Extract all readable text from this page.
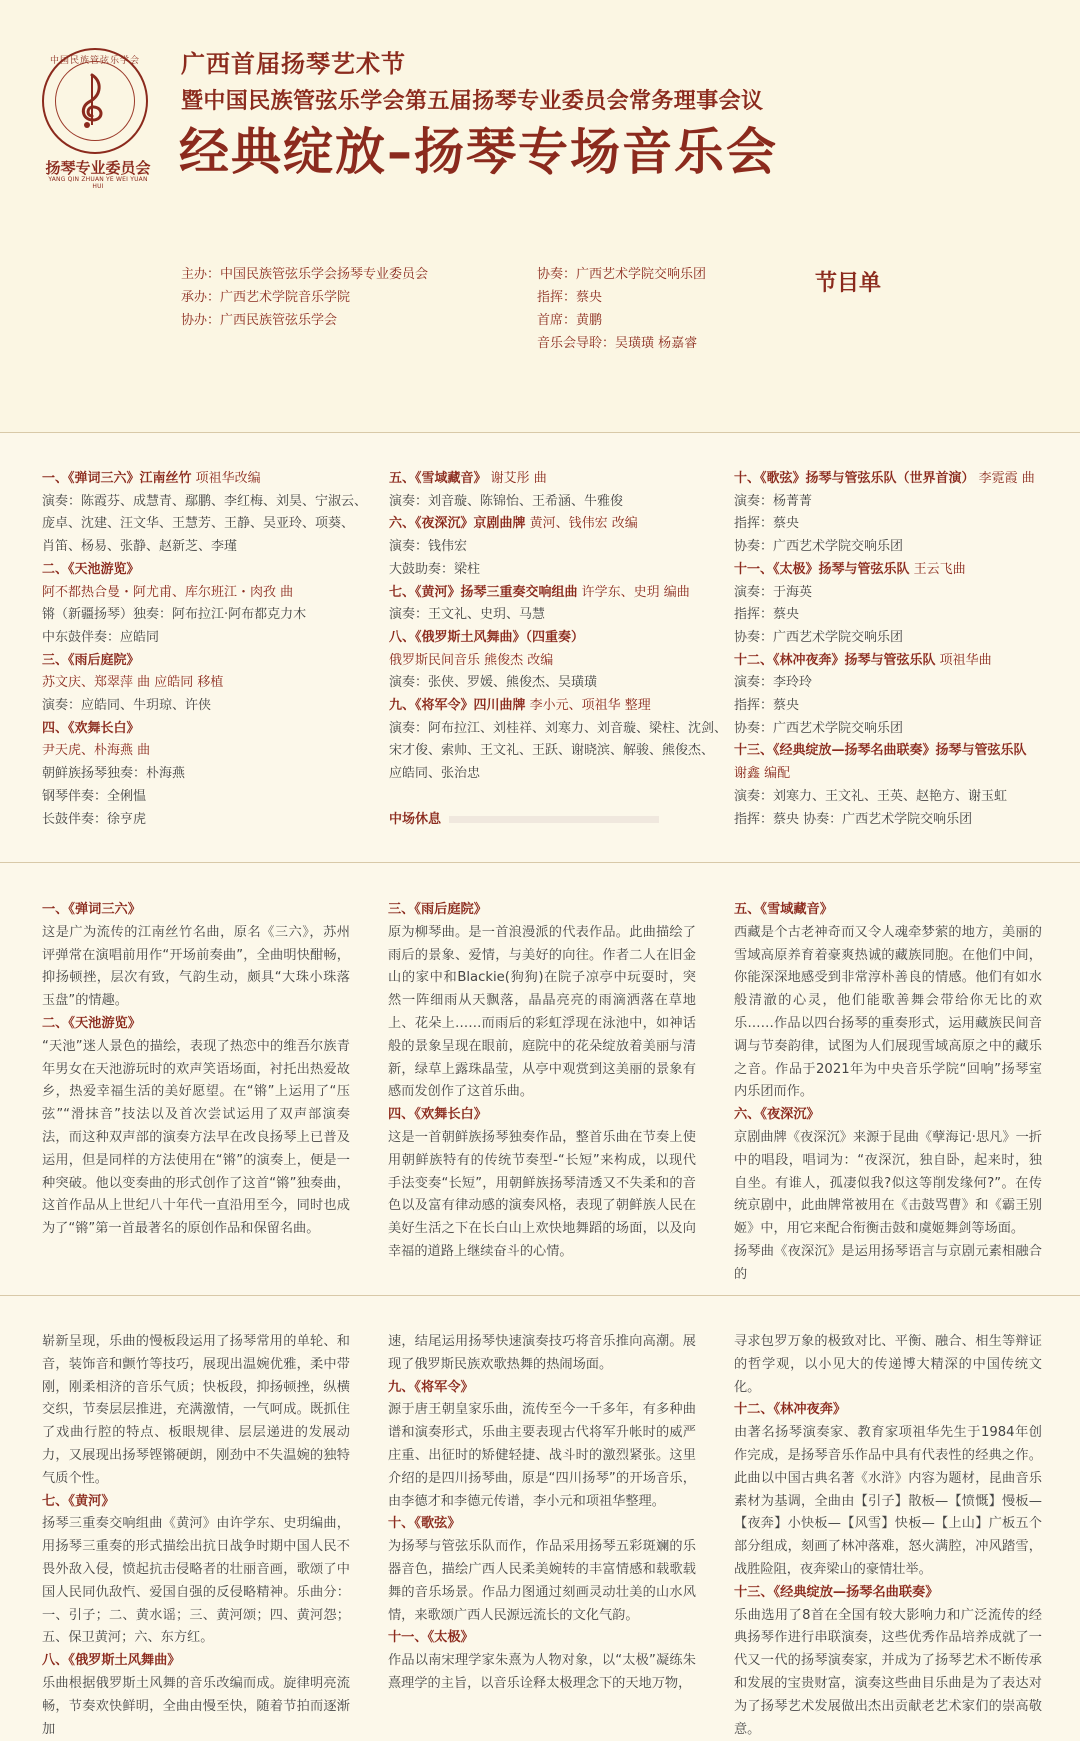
中国民族管弦乐学会
扬琴专业委员会
YANG QIN ZHUAN YE WEI YUAN HUI
广西首届扬琴艺术节
暨中国民族管弦乐学会第五届扬琴专业委员会常务理事会议
经典绽放–扬琴专场音乐会
主办：中国民族管弦乐学会扬琴专业委员会
承办：广西艺术学院音乐学院
协办：广西民族管弦乐学会
协奏：广西艺术学院交响乐团
指挥：蔡央
首席：黄鹏
音乐会导聆：吴璜璜 杨嘉睿
节目单

一、《弹词三六》江南丝竹 项祖华改编

演奏：陈霞芬、成慧青、鄢鹏、李红梅、刘昊、宁淑云、

庞卓、沈建、汪文华、王慧芳、王静、吴亚玲、项葵、

肖笛、杨易、张静、赵新芝、李瑾

二、《天池游览》

阿不都热合曼・阿尤甫、库尔班江・肉孜 曲

锵（新疆扬琴）独奏：阿布拉江·阿布都克力木

中东鼓伴奏：应皓同

三、《雨后庭院》

苏文庆、郑翠萍 曲 应皓同 移植

演奏：应皓同、牛玥琼、许侠

四、《欢舞长白》

尹天虎、朴海燕 曲

朝鲜族扬琴独奏：朴海燕

钢琴伴奏：全俐愠

长鼓伴奏：徐亨虎

五、《雪域藏音》 谢艾彤 曲

演奏：刘音璇、陈锦怡、王希涵、牛雅俊

六、《夜深沉》京剧曲牌 黄河、钱伟宏 改编

演奏：钱伟宏

大鼓助奏：梁柱

七、《黄河》扬琴三重奏交响组曲 许学东、史玥 编曲

演奏：王文礼、史玥、马慧

八、《俄罗斯土风舞曲》（四重奏）

俄罗斯民间音乐 熊俊杰 改编

演奏：张侠、罗媛、熊俊杰、吴璜璜

九、《将军令》四川曲牌 李小元、项祖华 整理

演奏：阿布拉江、刘桂祥、刘寒力、刘音璇、梁柱、沈剑、

宋才俊、索帅、王文礼、王跃、谢晓滨、解骏、熊俊杰、

应皓同、张治忠

中场休息

十、《歌弦》扬琴与管弦乐队（世界首演） 李霓霞 曲

演奏：杨菁菁

指挥：蔡央

协奏：广西艺术学院交响乐团

十一、《太极》扬琴与管弦乐队 王云飞曲

演奏：于海英

指挥：蔡央

协奏：广西艺术学院交响乐团

十二、《林冲夜奔》扬琴与管弦乐队 项祖华曲

演奏：李玲玲

指挥：蔡央

协奏：广西艺术学院交响乐团

十三、《经典绽放—扬琴名曲联奏》扬琴与管弦乐队

谢鑫 编配

演奏：刘寒力、王文礼、王英、赵艳方、谢玉虹

指挥：蔡央 协奏：广西艺术学院交响乐团

一、《弹词三六》

这是广为流传的江南丝竹名曲，原名《三六》，苏州评弹常在演唱前用作“开场前奏曲”，全曲明快酣畅，抑扬顿挫，层次有致，气韵生动，颇具“大珠小珠落玉盘”的情趣。

二、《天池游览》

“天池”迷人景色的描绘，表现了热恋中的维吾尔族青年男女在天池游玩时的欢声笑语场面，衬托出热爱故乡，热爱幸福生活的美好愿望。在“锵”上运用了“压弦”“滑抹音”技法以及首次尝试运用了双声部演奏法，而这种双声部的演奏方法早在改良扬琴上已普及运用，但是同样的方法使用在“锵”的演奏上，便是一种突破。他以变奏曲的形式创作了这首“锵”独奏曲，这首作品从上世纪八十年代一直沿用至今，同时也成为了“锵”第一首最著名的原创作品和保留名曲。

三、《雨后庭院》

原为柳琴曲。是一首浪漫派的代表作品。此曲描绘了雨后的景象、爱情，与美好的向往。作者二人在旧金山的家中和Blackie(狗狗)在院子凉亭中玩耍时，突然一阵细雨从天飘落，晶晶亮亮的雨滴洒落在草地上、花朵上……而雨后的彩虹浮现在泳池中，如神话般的景象呈现在眼前，庭院中的花朵绽放着美丽与清新，绿草上露珠晶莹，从亭中观赏到这美丽的景象有感而发创作了这首乐曲。

四、《欢舞长白》

这是一首朝鲜族扬琴独奏作品，整首乐曲在节奏上使用朝鲜族特有的传统节奏型-“长短”来构成，以现代手法变奏“长短”，用朝鲜族扬琴清透又不失柔和的音色以及富有律动感的演奏风格，表现了朝鲜族人民在美好生活之下在长白山上欢快地舞蹈的场面，以及向幸福的道路上继续奋斗的心情。

五、《雪域藏音》

西藏是个古老神奇而又令人魂牵梦萦的地方，美丽的雪域高原养育着豪爽热诚的藏族同胞。在他们中间，你能深深地感受到非常淳朴善良的情感。他们有如水般清澈的心灵，他们能歌善舞会带给你无比的欢乐……作品以四台扬琴的重奏形式，运用藏族民间音调与节奏韵律，试图为人们展现雪域高原之中的藏乐之音。作品于2021年为中央音乐学院“回响”扬琴室内乐团而作。

六、《夜深沉》

京剧曲牌《夜深沉》来源于昆曲《孽海记·思凡》一折中的唱段，唱词为：“夜深沉，独自卧，起来时，独自坐。有谁人，孤凄似我?似这等削发缘何?”。在传统京剧中，此曲牌常被用在《击鼓骂曹》和《霸王别姬》中，用它来配合衔衡击鼓和虞姬舞剑等场面。

扬琴曲《夜深沉》是运用扬琴语言与京剧元素相融合的

崭新呈现，乐曲的慢板段运用了扬琴常用的单轮、和音，装饰音和颤竹等技巧，展现出温婉优雅，柔中带刚，刚柔相济的音乐气质；快板段，抑扬顿挫，纵横交织，节奏层层推进，充满激情，一气呵成。既抓住了戏曲行腔的特点、板眼规律、层层递进的发展动力，又展现出扬琴铿锵硬朗，刚劲中不失温婉的独特气质个性。

七、《黄河》

扬琴三重奏交响组曲《黄河》由许学东、史玥编曲，用扬琴三重奏的形式描绘出抗日战争时期中国人民不畏外敌入侵，愤起抗击侵略者的壮丽音画，歌颂了中国人民同仇敌忾、爱国自强的反侵略精神。乐曲分：一、引子；二、黄水谣；三、黄河颂；四、黄河怨；五、保卫黄河；六、东方红。

八、《俄罗斯土风舞曲》

乐曲根据俄罗斯土风舞的音乐改编而成。旋律明亮流畅，节奏欢快鲜明，全曲由慢至快，随着节拍而逐渐加

速，结尾运用扬琴快速演奏技巧将音乐推向高潮。展现了俄罗斯民族欢歌热舞的热闹场面。

九、《将军令》

源于唐王朝皇家乐曲，流传至今一千多年，有多种曲谱和演奏形式，乐曲主要表现古代将军升帐时的威严庄重、出征时的矫健轻捷、战斗时的激烈紧张。这里介绍的是四川扬琴曲，原是“四川扬琴”的开场音乐，由李德才和李德元传谱，李小元和项祖华整理。

十、《歌弦》

为扬琴与管弦乐队而作，作品采用扬琴五彩斑斓的乐器音色，描绘广西人民柔美婉转的丰富情感和载歌载舞的音乐场景。作品力图通过刻画灵动壮美的山水风情，来歌颂广西人民源远流长的文化气韵。

十一、《太极》

作品以南宋理学家朱熹为人物对象，以“太极”凝练朱熹理学的主旨，以音乐诠释太极理念下的天地万物，

寻求包罗万象的极致对比、平衡、融合、相生等辩证的哲学观，以小见大的传递博大精深的中国传统文化。

十二、《林冲夜奔》

由著名扬琴演奏家、教育家项祖华先生于1984年创作完成，是扬琴音乐作品中具有代表性的经典之作。此曲以中国古典名著《水浒》内容为题材，昆曲音乐素材为基调，全曲由【引子】散板—【愤慨】慢板—【夜奔】小快板—【风雪】快板—【上山】广板五个部分组成，刻画了林冲落难，怒火满腔，冲风踏雪，战胜险阻，夜奔梁山的豪情壮举。

十三、《经典绽放—扬琴名曲联奏》

乐曲选用了8首在全国有较大影响力和广泛流传的经典扬琴作进行串联演奏，这些优秀作品培养成就了一代又一代的扬琴演奏家，并成为了扬琴艺术不断传承和发展的宝贵财富，演奏这些曲目乐曲是为了表达对为了扬琴艺术发展做出杰出贡献老艺术家们的崇高敬意。
